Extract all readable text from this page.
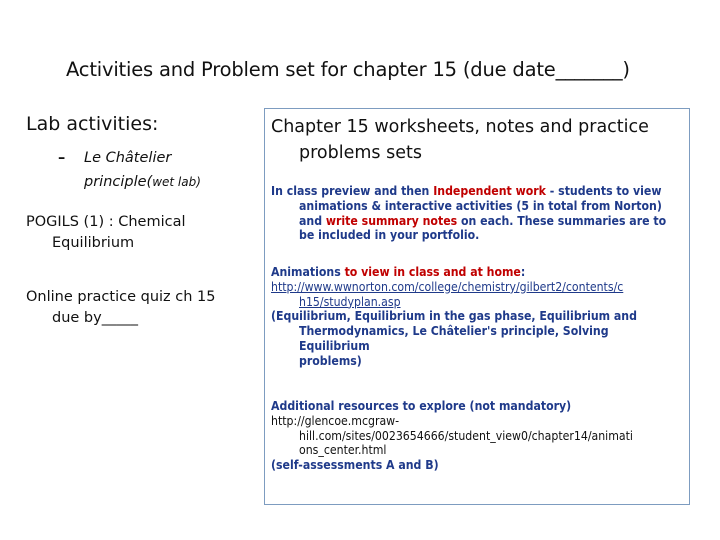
Activities and Problem set for chapter 15 (due date_______)
Lab activities:
– Le Châtelier
principle(wet lab)
POGILS (1) : Chemical
Equilibrium
Online practice quiz ch 15
due by_____
Chapter 15 worksheets, notes and practice
problems sets
In class preview and then Independent work - students to view
animations & interactive activities (5 in total from Norton)
and write summary notes on each. These summaries are to
be included in your portfolio.
Animations to view in class and at home:
http://www.wwnorton.com/college/chemistry/gilbert2/contents/c
h15/studyplan.asp
(Equilibrium, Equilibrium in the gas phase, Equilibrium and
Thermodynamics, Le Châtelier's principle, Solving Equilibrium
problems)
Additional resources to explore (not mandatory)
http://glencoe.mcgraw-
hill.com/sites/0023654666/student_view0/chapter14/animati
ons_center.html
(self-assessments A and B)
